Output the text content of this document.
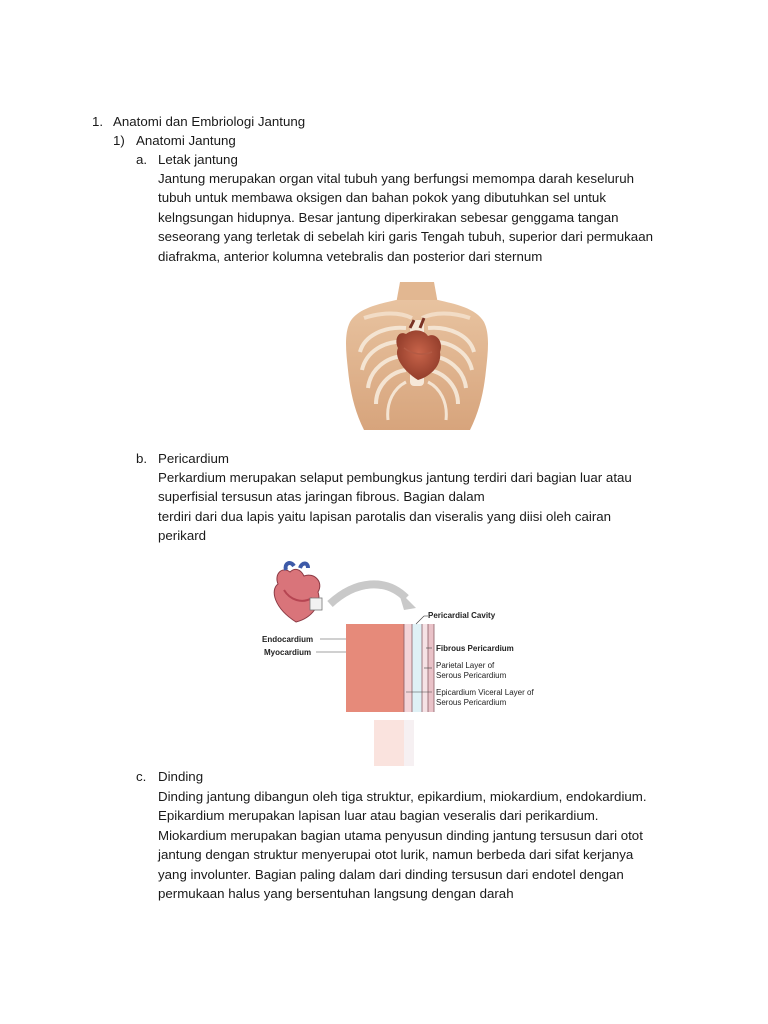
1. Anatomi dan Embriologi Jantung
1) Anatomi Jantung
a. Letak jantung
Jantung merupakan organ vital tubuh yang berfungsi memompa darah keseluruh
tubuh untuk membawa oksigen dan bahan pokok yang dibutuhkan sel untuk
kelngsungan hidupnya. Besar jantung diperkirakan sebesar genggama tangan
seseorang yang terletak di sebelah kiri garis Tengah tubuh, superior dari permukaan
diafrakma, anterior kolumna vetebralis dan posterior dari sternum
b. Pericardium
Perkardium merupakan selaput pembungkus jantung terdiri dari bagian luar atau
superfisial tersusun atas jaringan fibrous. Bagian dalam
terdiri dari dua lapis yaitu lapisan parotalis dan viseralis yang diisi oleh cairan
perikard
Pericardial Cavity
Endocardium
Myocardium	Fibrous Pericardium
Parietal Layer of
Serous Pericardium
Epicardium Viceral Layer of
Serous Pericardium
c. Dinding
Dinding jantung dibangun oleh tiga struktur, epikardium, miokardium, endokardium.
Epikardium merupakan lapisan luar atau bagian veseralis dari perikardium.
Miokardium merupakan bagian utama penyusun dinding jantung tersusun dari otot
jantung dengan struktur menyerupai otot lurik, namun berbeda dari sifat kerjanya
yang involunter. Bagian paling dalam dari dinding tersusun dari endotel dengan
permukaan halus yang bersentuhan langsung dengan darah
